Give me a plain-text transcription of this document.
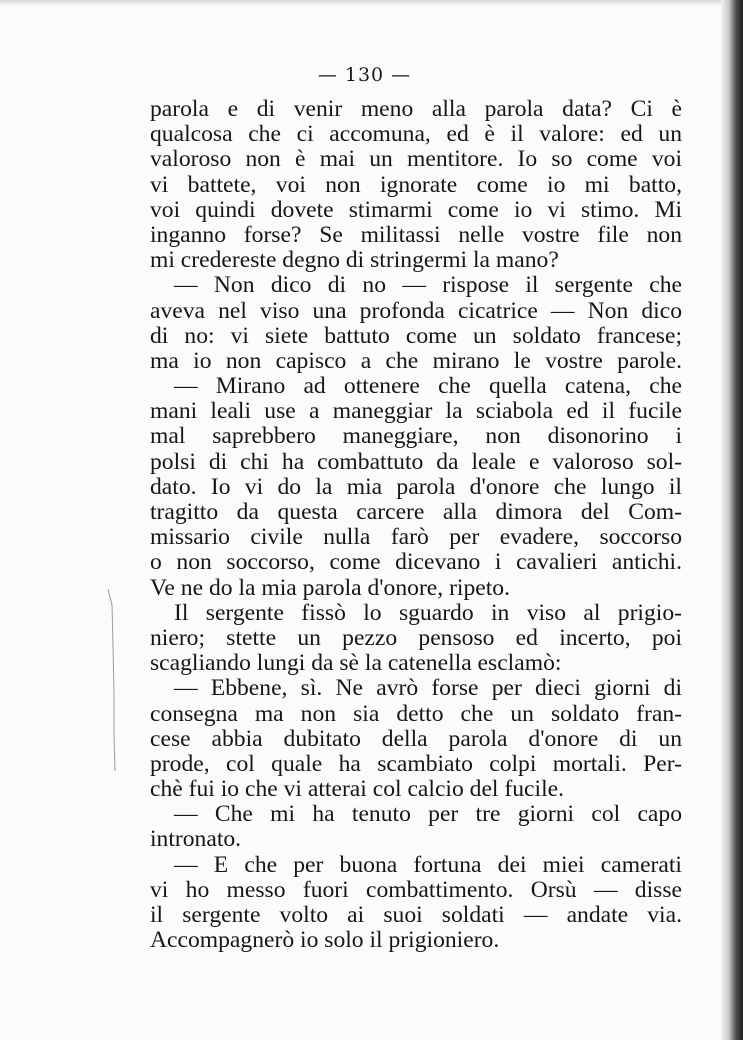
— 130 —
parola e di venir meno alla parola data? Ci è
qualcosa che ci accomuna, ed è il valore: ed un
valoroso non è mai un mentitore. Io so come voi
vi battete, voi non ignorate come io mi batto,
voi quindi dovete stimarmi come io vi stimo. Mi
inganno forse? Se militassi nelle vostre file non
mi credereste degno di stringermi la mano?
— Non dico di no — rispose il sergente che
aveva nel viso una profonda cicatrice — Non dico
di no: vi siete battuto come un soldato francese;
ma io non capisco a che mirano le vostre parole.
— Mirano ad ottenere che quella catena, che
mani leali use a maneggiar la sciabola ed il fucile
mal saprebbero maneggiare, non disonorino i
polsi di chi ha combattuto da leale e valoroso sol-
dato. Io vi do la mia parola d'onore che lungo il
tragitto da questa carcere alla dimora del Com-
missario civile nulla farò per evadere, soccorso
o non soccorso, come dicevano i cavalieri antichi.
Ve ne do la mia parola d'onore, ripeto.
Il sergente fissò lo sguardo in viso al prigio-
niero; stette un pezzo pensoso ed incerto, poi
scagliando lungi da sè la catenella esclamò:
— Ebbene, sì. Ne avrò forse per dieci giorni di
consegna ma non sia detto che un soldato fran-
cese abbia dubitato della parola d'onore di un
prode, col quale ha scambiato colpi mortali. Per-
chè fui io che vi atterai col calcio del fucile.
— Che mi ha tenuto per tre giorni col capo
intronato.
— E che per buona fortuna dei miei camerati
vi ho messo fuori combattimento. Orsù — disse
il sergente volto ai suoi soldati — andate via.
Accompagnerò io solo il prigioniero.
